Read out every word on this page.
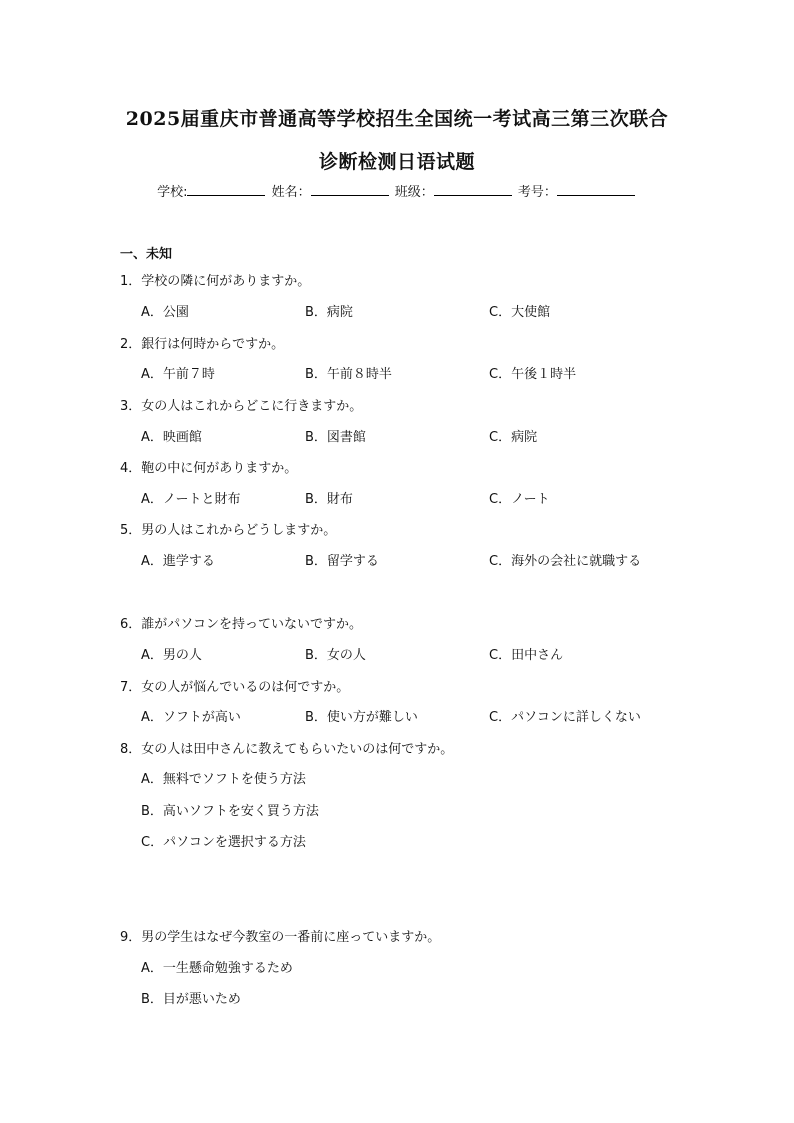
2025届重庆市普通高等学校招生全国统一考试高三第三次联合
诊断检测日语试题
学校:	姓名：	班级：	考号：
一、未知
1．学校の隣に何がありますか。
A．公園	B．病院	C．大使館
2．銀行は何時からですか。
A．午前７時	B．午前８時半	C．午後１時半
3．女の人はこれからどこに行きますか。
A．映画館	B．図書館	C．病院
4．鞄の中に何がありますか。
A．ノートと財布	B．財布	C．ノート
5．男の人はこれからどうしますか。
A．進学する	B．留学する	C．海外の会社に就職する
6．誰がパソコンを持っていないですか。
A．男の人	B．女の人	C．田中さん
7．女の人が悩んでいるのは何ですか。
A．ソフトが高い	B．使い方が難しい	C．パソコンに詳しくない
8．女の人は田中さんに教えてもらいたいのは何ですか。
A．無料でソフトを使う方法
B．高いソフトを安く買う方法
C．パソコンを選択する方法
9．男の学生はなぜ今教室の一番前に座っていますか。
A．一生懸命勉強するため
B．目が悪いため
